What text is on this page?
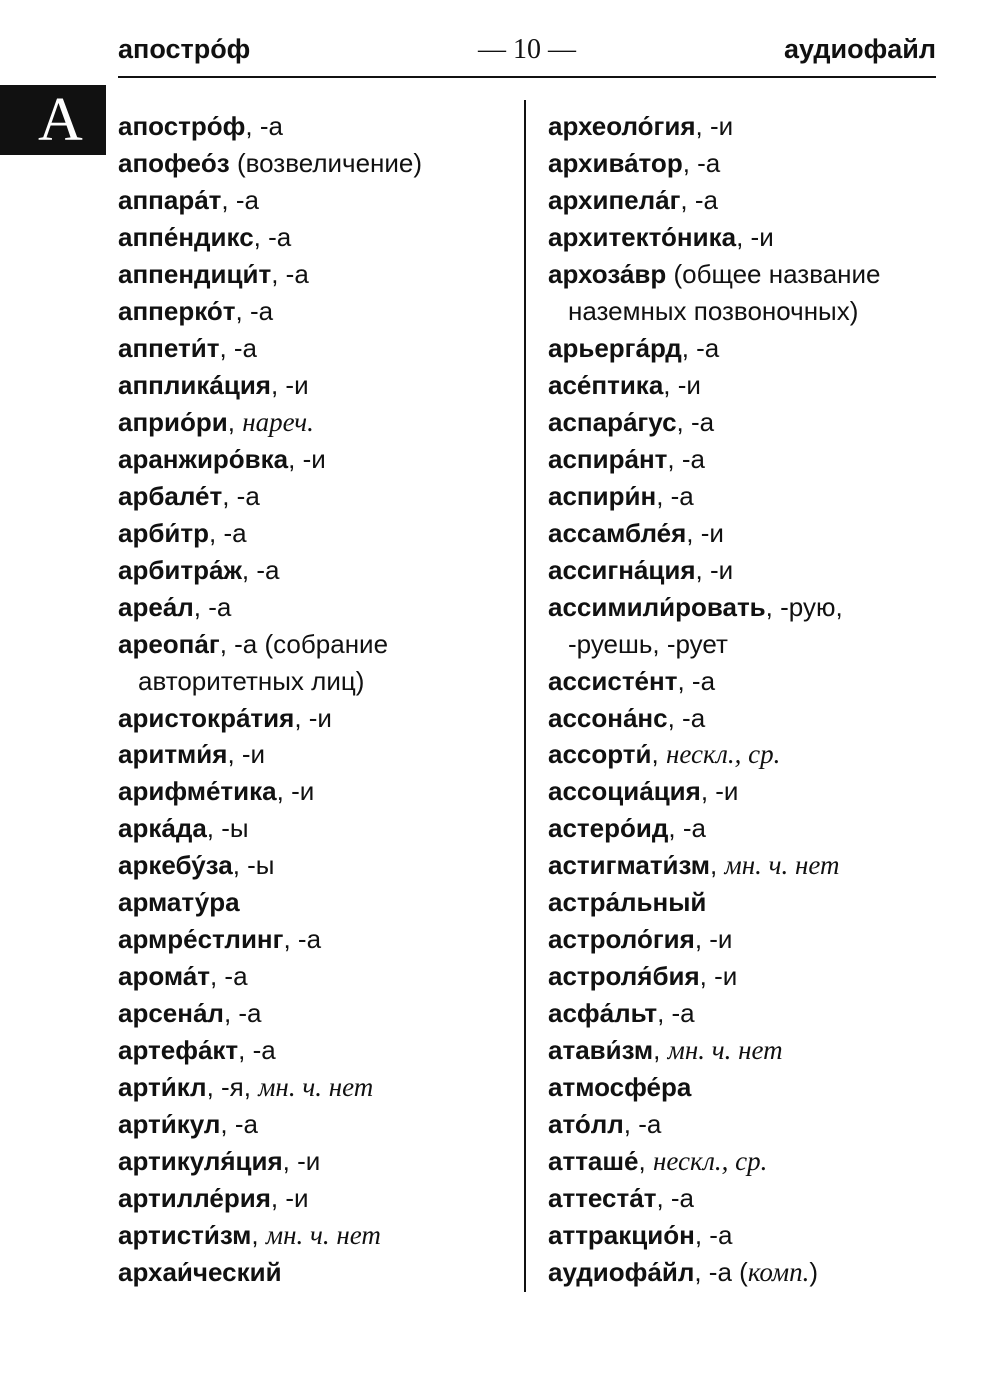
апостро́ф	— 10 —	аудиофайл
А апостро́ф, -а
апофео́з (возвеличение)
аппара́т, -а
аппе́ндикс, -а
аппендици́т, -а
апперко́т, -а
аппети́т, -а
аппликáция, -и
априо́ри, нареч.
аранжиро́вка, -и
арбале́т, -а
арби́тр, -а
арбитра́ж, -а
ареа́л, -а
ареопа́г, -а (собрание
авторитетных лиц)
аристокра́тия, -и
аритми́я, -и
арифме́тика, -и
арка́да, -ы
аркебу́за, -ы
армату́ра
армре́стлинг, -а
арома́т, -а
арсена́л, -а
артефа́кт, -а
арти́кл, -я, мн. ч. нет
арти́кул, -а
артикуля́ция, -и
артилле́рия, -и
артисти́зм, мн. ч. нет
архаи́ческий
археоло́гия, -и
архива́тор, -а
архипела́г, -а
архитекто́ника, -и
архоза́вр (общее название
наземных позвоночных)
арьерга́рд, -а
асе́птика, -и
аспара́гус, -а
аспира́нт, -а
аспири́н, -а
ассамбле́я, -и
ассигна́ция, -и
ассимили́ровать, -рую,
-руешь, -рует
ассисте́нт, -а
ассона́нс, -а
ассорти́, нескл., ср.
ассоциа́ция, -и
астеро́ид, -а
астигмати́зм, мн. ч. нет
астра́льный
астроло́гия, -и
астроля́бия, -и
асфа́льт, -а
атави́зм, мн. ч. нет
атмосфе́ра
ато́лл, -а
атташе́, нескл., ср.
аттеста́т, -а
аттракцио́н, -а
аудиофа́йл, -а (комп.)
